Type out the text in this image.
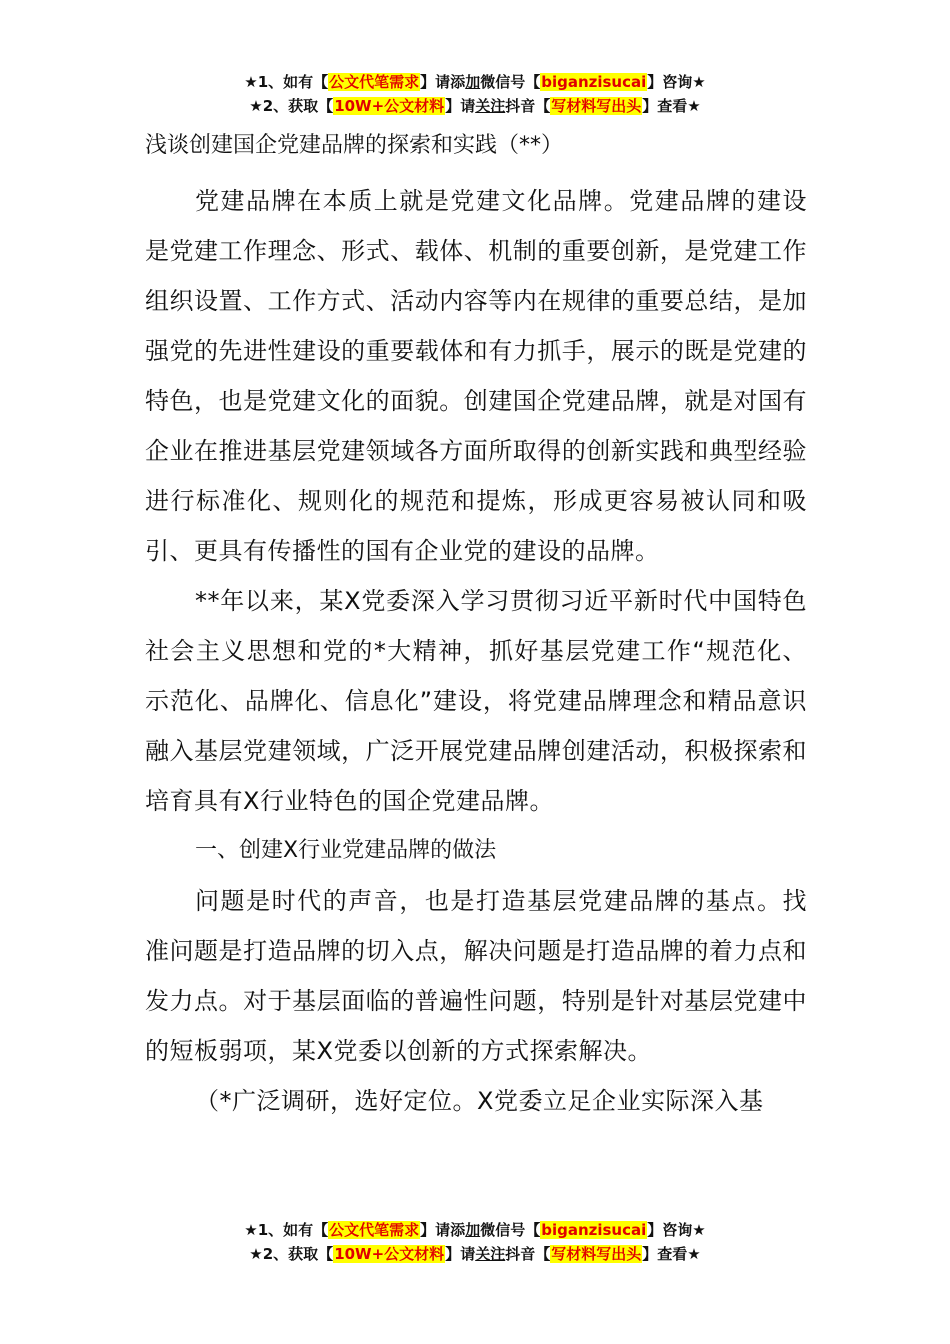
★1、如有【公文代笔需求】请添加微信号【biganzisucai】咨询★
★2、获取【10W+公文材料】请关注抖音【写材料写出头】查看★
浅谈创建国企党建品牌的探索和实践（**）

党建品牌在本质上就是党建文化品牌。党建品牌的建设是党建工作理念、形式、载体、机制的重要创新，是党建工作组织设置、工作方式、活动内容等内在规律的重要总结，是加强党的先进性建设的重要载体和有力抓手，展示的既是党建的特色，也是党建文化的面貌。创建国企党建品牌，就是对国有企业在推进基层党建领域各方面所取得的创新实践和典型经验进行标准化、规则化的规范和提炼，形成更容易被认同和吸引、更具有传播性的国有企业党的建设的品牌。

**年以来，某X党委深入学习贯彻习近平新时代中国特色社会主义思想和党的*大精神，抓好基层党建工作“规范化、示范化、品牌化、信息化”建设，将党建品牌理念和精品意识融入基层党建领域，广泛开展党建品牌创建活动，积极探索和培育具有X行业特色的国企党建品牌。

一、创建X行业党建品牌的做法

问题是时代的声音，也是打造基层党建品牌的基点。找准问题是打造品牌的切入点，解决问题是打造品牌的着力点和发力点。对于基层面临的普遍性问题，特别是针对基层党建中的短板弱项，某X党委以创新的方式探索解决。

（*广泛调研，选好定位。X党委立足企业实际深入基

★1、如有【公文代笔需求】请添加微信号【biganzisucai】咨询★
★2、获取【10W+公文材料】请关注抖音【写材料写出头】查看★
